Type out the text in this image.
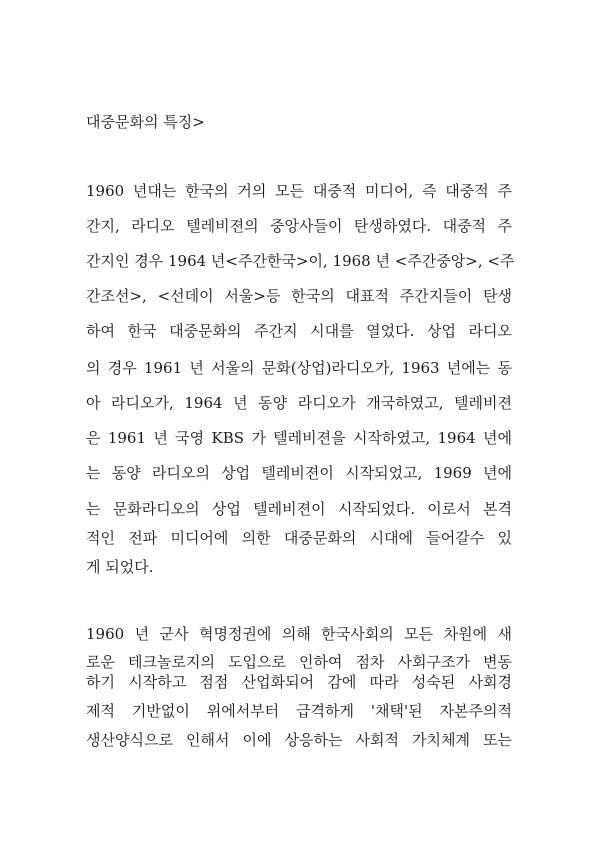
대중문화의 특징>

1960 년대는 한국의 거의 모든 대중적 미디어, 즉 대중적 주

간지, 라디오 텔레비젼의 중앙사들이 탄생하였다. 대중적 주

간지인 경우 1964 년<주간한국>이, 1968 년 <주간중앙>, <주

간조선>, <선데이 서울>등 한국의 대표적 주간지들이 탄생

하여 한국 대중문화의 주간지 시대를 열었다. 상업 라디오

의 경우 1961 년 서울의 문화(상업)라디오가, 1963 년에는 동

아 라디오가, 1964 년 동양 라디오가 개국하였고, 텔레비젼

은 1961 년 국영 KBS 가 텔레비젼을 시작하였고, 1964 년에

는 동양 라디오의 상업 텔레비젼이 시작되었고, 1969 년에

는 문화라디오의 상업 텔레비젼이 시작되었다. 이로서 본격

적인 전파 미디어에 의한 대중문화의 시대에 들어갈수 있

게 되었다.

1960 년 군사 혁명정권에 의해 한국사회의 모든 차원에 새

로운 테크놀로지의 도입으로 인하여 점차 사회구조가 변동

하기 시작하고 점점 산업화되어 감에 따라 성숙된 사회경

제적 기반없이 위에서부터 급격하게 '채택'된 자본주의적

생산양식으로 인해서 이에 상응하는 사회적 가치체계 또는
